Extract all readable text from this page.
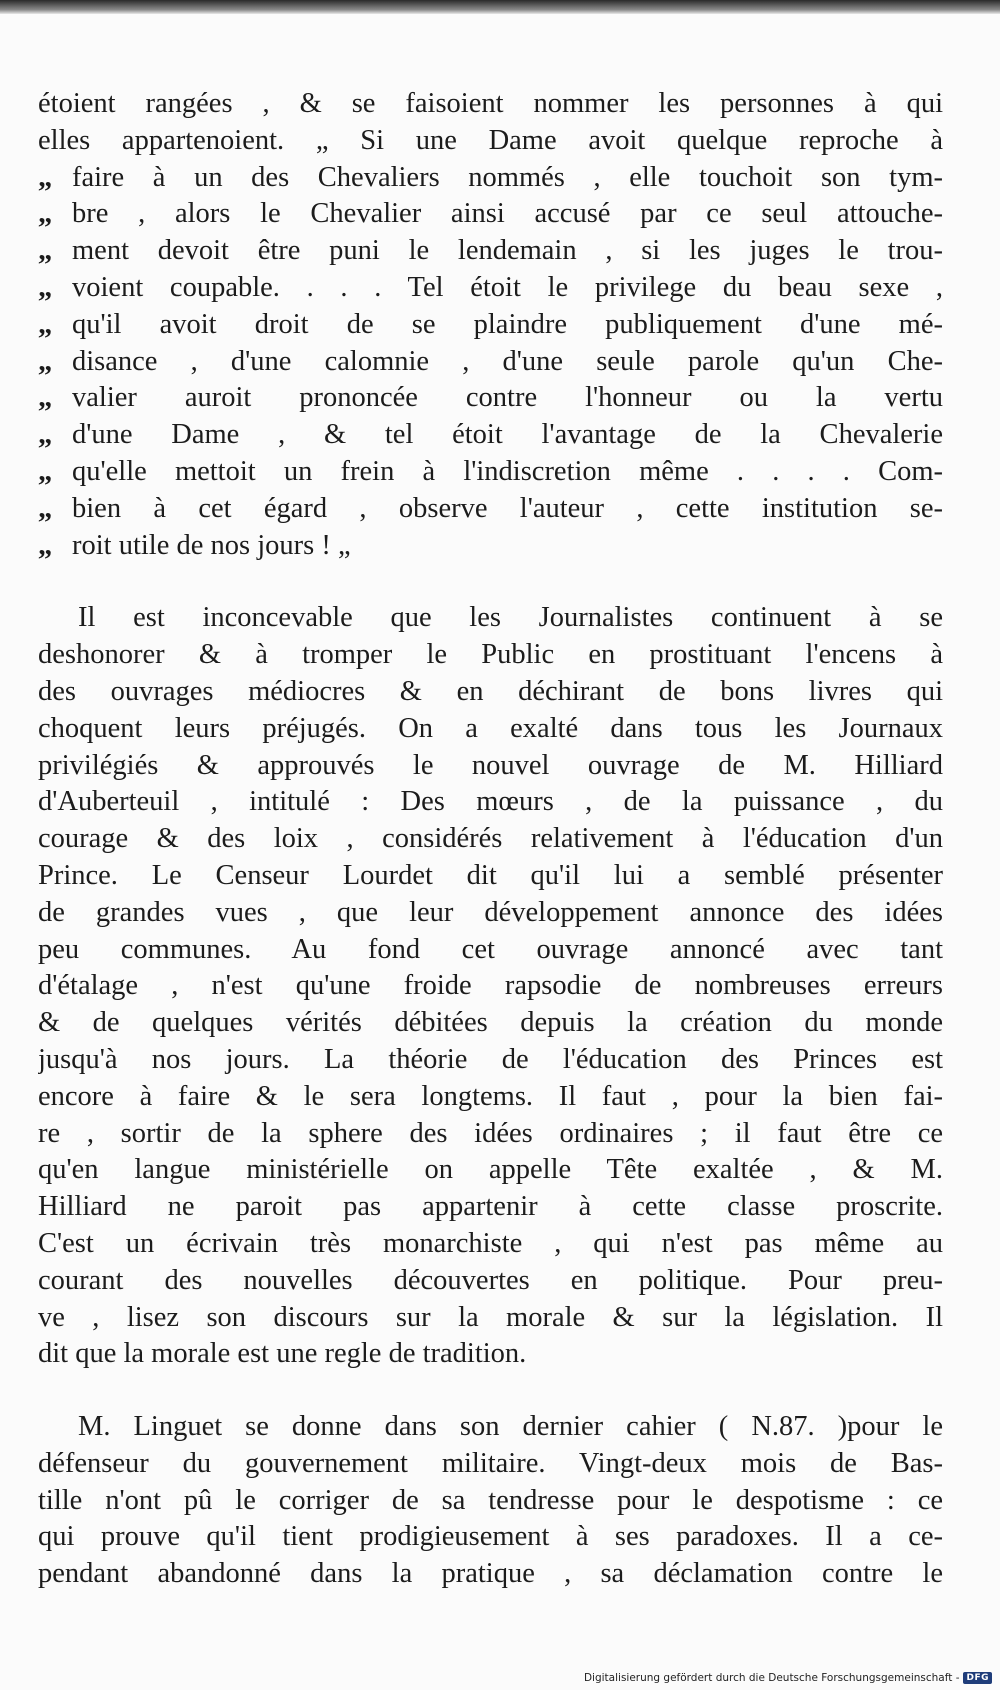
étoient rangées , & se faisoient nommer les personnes à qui
elles appartenoient. „ Si une Dame avoit quelque reproche à
„ faire à un des Chevaliers nommés , elle touchoit son tym-
„ bre , alors le Chevalier ainsi accusé par ce seul attouche-
„ ment devoit être puni le lendemain , si les juges le trou-
„ voient coupable. . . . Tel étoit le privilege du beau sexe ,
„ qu'il avoit droit de se plaindre publiquement d'une mé-
„ disance , d'une calomnie , d'une seule parole qu'un Che-
„ valier auroit prononcée contre l'honneur ou la vertu
„ d'une Dame , & tel étoit l'avantage de la Chevalerie
„ qu'elle mettoit un frein à l'indiscretion même . . . . Com-
„ bien à cet égard , observe l'auteur , cette institution se-
„ roit utile de nos jours ! „
Il est inconcevable que les Journalistes continuent à se
deshonorer & à tromper le Public en prostituant l'encens à
des ouvrages médiocres & en déchirant de bons livres qui
choquent leurs préjugés. On a exalté dans tous les Journaux
privilégiés & approuvés le nouvel ouvrage de M. Hilliard
d'Auberteuil , intitulé : Des mœurs , de la puissance , du
courage & des loix , considérés relativement à l'éducation d'un
Prince. Le Censeur Lourdet dit qu'il lui a semblé présenter
de grandes vues , que leur développement annonce des idées
peu communes. Au fond cet ouvrage annoncé avec tant
d'étalage , n'est qu'une froide rapsodie de nombreuses erreurs
& de quelques vérités débitées depuis la création du monde
jusqu'à nos jours. La théorie de l'éducation des Princes est
encore à faire & le sera longtems. Il faut , pour la bien fai-
re , sortir de la sphere des idées ordinaires ; il faut être ce
qu'en langue ministérielle on appelle Tête exaltée , & M.
Hilliard ne paroit pas appartenir à cette classe proscrite.
C'est un écrivain très monarchiste , qui n'est pas même au
courant des nouvelles découvertes en politique. Pour preu-
ve , lisez son discours sur la morale & sur la législation. Il
dit que la morale est une regle de tradition.
M. Linguet se donne dans son dernier cahier ( N.87. )pour le
défenseur du gouvernement militaire. Vingt-deux mois de Bas-
tille n'ont pû le corriger de sa tendresse pour le despotisme : ce
qui prouve qu'il tient prodigieusement à ses paradoxes. Il a ce-
pendant abandonné dans la pratique , sa déclamation contre le
Digitalisierung gefördert durch die Deutsche Forschungsgemeinschaft - DFG
